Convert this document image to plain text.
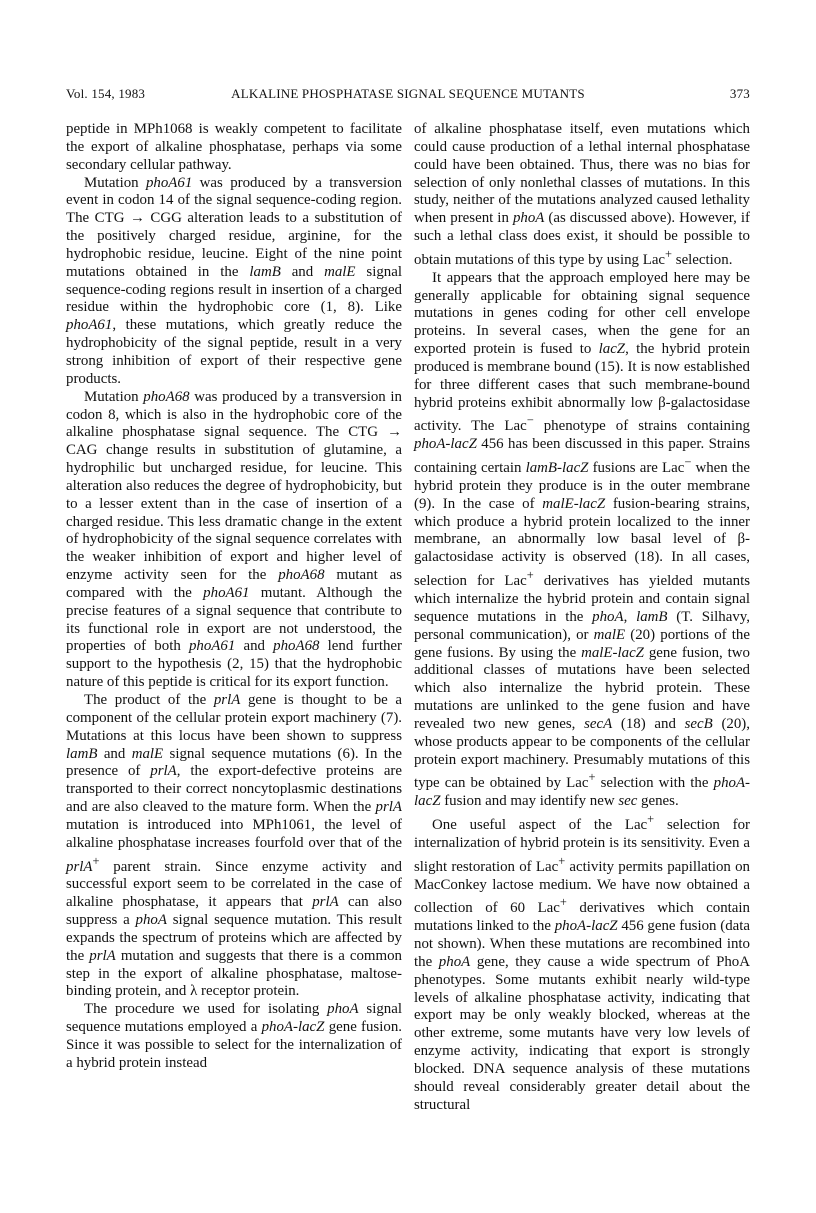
Vol. 154, 1983	ALKALINE PHOSPHATASE SIGNAL SEQUENCE MUTANTS	373

peptide in MPh1068 is weakly competent to facilitate the export of alkaline phosphatase, perhaps via some secondary cellular pathway.

Mutation phoA61 was produced by a transversion event in codon 14 of the signal sequence-coding region. The CTG → CGG alteration leads to a substitution of the positively charged residue, arginine, for the hydrophobic residue, leucine. Eight of the nine point mutations obtained in the lamB and malE signal sequence-coding regions result in insertion of a charged residue within the hydrophobic core (1, 8). Like phoA61, these mutations, which greatly reduce the hydrophobicity of the signal peptide, result in a very strong inhibition of export of their respective gene products.

Mutation phoA68 was produced by a transversion in codon 8, which is also in the hydrophobic core of the alkaline phosphatase signal sequence. The CTG → CAG change results in substitution of glutamine, a hydrophilic but uncharged residue, for leucine. This alteration also reduces the degree of hydrophobicity, but to a lesser extent than in the case of insertion of a charged residue. This less dramatic change in the extent of hydrophobicity of the signal sequence correlates with the weaker inhibition of export and higher level of enzyme activity seen for the phoA68 mutant as compared with the phoA61 mutant. Although the precise features of a signal sequence that contribute to its functional role in export are not understood, the properties of both phoA61 and phoA68 lend further support to the hypothesis (2, 15) that the hydrophobic nature of this peptide is critical for its export function.

The product of the prlA gene is thought to be a component of the cellular protein export machinery (7). Mutations at this locus have been shown to suppress lamB and malE signal sequence mutations (6). In the presence of prlA, the export-defective proteins are transported to their correct noncytoplasmic destinations and are also cleaved to the mature form. When the prlA mutation is introduced into MPh1061, the level of alkaline phosphatase increases fourfold over that of the prlA+ parent strain. Since enzyme activity and successful export seem to be correlated in the case of alkaline phosphatase, it appears that prlA can also suppress a phoA signal sequence mutation. This result expands the spectrum of proteins which are affected by the prlA mutation and suggests that there is a common step in the export of alkaline phosphatase, maltose-binding protein, and λ receptor protein.

The procedure we used for isolating phoA signal sequence mutations employed a phoA-lacZ gene fusion. Since it was possible to select for the internalization of a hybrid protein instead

of alkaline phosphatase itself, even mutations which could cause production of a lethal internal phosphatase could have been obtained. Thus, there was no bias for selection of only nonlethal classes of mutations. In this study, neither of the mutations analyzed caused lethality when present in phoA (as discussed above). However, if such a lethal class does exist, it should be possible to obtain mutations of this type by using Lac+ selection.

It appears that the approach employed here may be generally applicable for obtaining signal sequence mutations in genes coding for other cell envelope proteins. In several cases, when the gene for an exported protein is fused to lacZ, the hybrid protein produced is membrane bound (15). It is now established for three different cases that such membrane-bound hybrid proteins exhibit abnormally low β-galactosidase activity. The Lac− phenotype of strains containing phoA-lacZ 456 has been discussed in this paper. Strains containing certain lamB-lacZ fusions are Lac− when the hybrid protein they produce is in the outer membrane (9). In the case of malE-lacZ fusion-bearing strains, which produce a hybrid protein localized to the inner membrane, an abnormally low basal level of β-galactosidase activity is observed (18). In all cases, selection for Lac+ derivatives has yielded mutants which internalize the hybrid protein and contain signal sequence mutations in the phoA, lamB (T. Silhavy, personal communication), or malE (20) portions of the gene fusions. By using the malE-lacZ gene fusion, two additional classes of mutations have been selected which also internalize the hybrid protein. These mutations are unlinked to the gene fusion and have revealed two new genes, secA (18) and secB (20), whose products appear to be components of the cellular protein export machinery. Presumably mutations of this type can be obtained by Lac+ selection with the phoA-lacZ fusion and may identify new sec genes.

One useful aspect of the Lac+ selection for internalization of hybrid protein is its sensitivity. Even a slight restoration of Lac+ activity permits papillation on MacConkey lactose medium. We have now obtained a collection of 60 Lac+ derivatives which contain mutations linked to the phoA-lacZ 456 gene fusion (data not shown). When these mutations are recombined into the phoA gene, they cause a wide spectrum of PhoA phenotypes. Some mutants exhibit nearly wild-type levels of alkaline phosphatase activity, indicating that export may be only weakly blocked, whereas at the other extreme, some mutants have very low levels of enzyme activity, indicating that export is strongly blocked. DNA sequence analysis of these mutations should reveal considerably greater detail about the structural
